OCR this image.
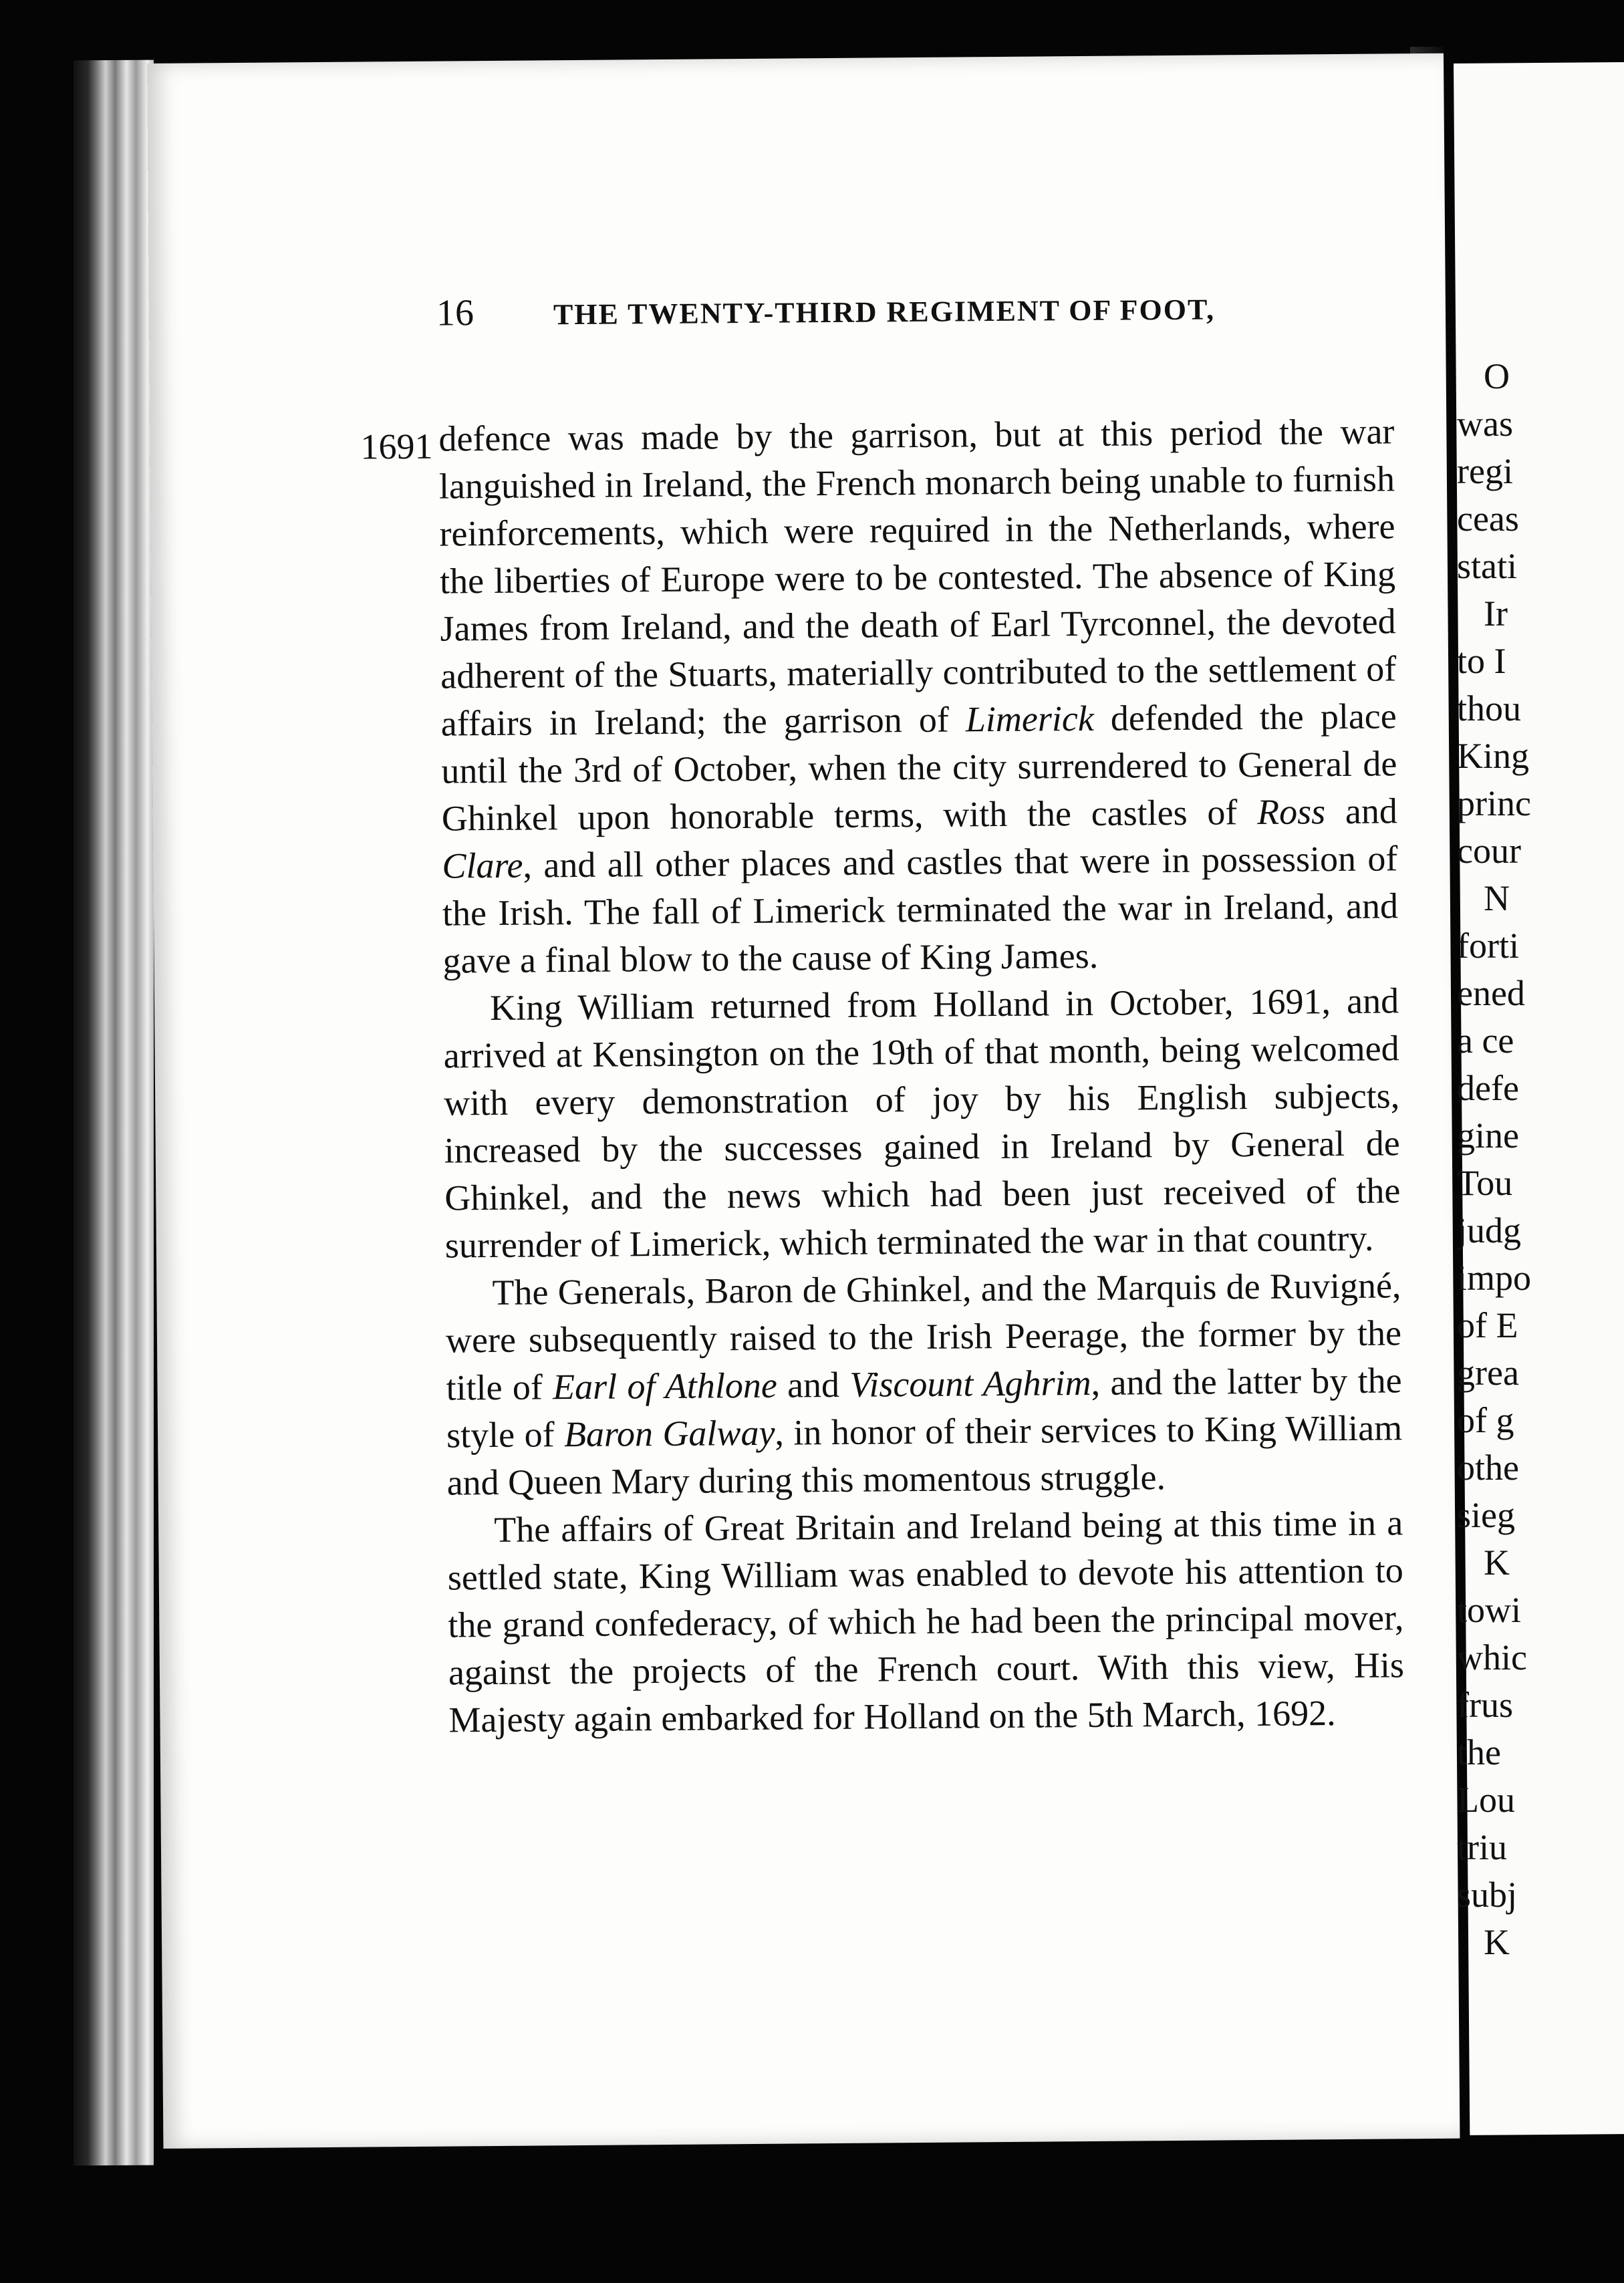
16	THE TWENTY-THIRD REGIMENT OF FOOT,
1691 defence was made by the garrison, but at this period the war languished in Ireland, the French monarch being unable to furnish reinforcements, which were required in the Netherlands, where the liberties of Europe were to be contested. The absence of King James from Ireland, and the death of Earl Tyrconnel, the devoted adherent of the Stuarts, materially contributed to the settlement of affairs in Ireland; the garrison of Limerick defended the place until the 3rd of October, when the city surrendered to General de Ghinkel upon honorable terms, with the castles of Ross and Clare, and all other places and castles that were in possession of the Irish. The fall of Limerick terminated the war in Ireland, and gave a final blow to the cause of King James.

King William returned from Holland in October, 1691, and arrived at Kensington on the 19th of that month, being welcomed with every demonstration of joy by his English subjects, increased by the successes gained in Ireland by General de Ghinkel, and the news which had been just received of the surrender of Limerick, which terminated the war in that country.

The Generals, Baron de Ghinkel, and the Marquis de Ruvigné, were subsequently raised to the Irish Peerage, the former by the title of Earl of Athlone and Viscount Aghrim, and the latter by the style of Baron Galway, in honor of their services to King William and Queen Mary during this momentous struggle.

The affairs of Great Britain and Ireland being at this time in a settled state, King William was enabled to devote his attention to the grand confederacy, of which he had been the principal mover, against the projects of the French court. With this view, His Majesty again embarked for Holland on the 5th March, 1692.

O
was
regi
ceas
stati
Ir
to I
thou
King
princ
cour
N
forti
ened
a ce
defe
gine
Tou
judg
impo
of E
grea
of g
othe
sieg
K
towi
whic
frus
the
Lou
triu
subj
K
